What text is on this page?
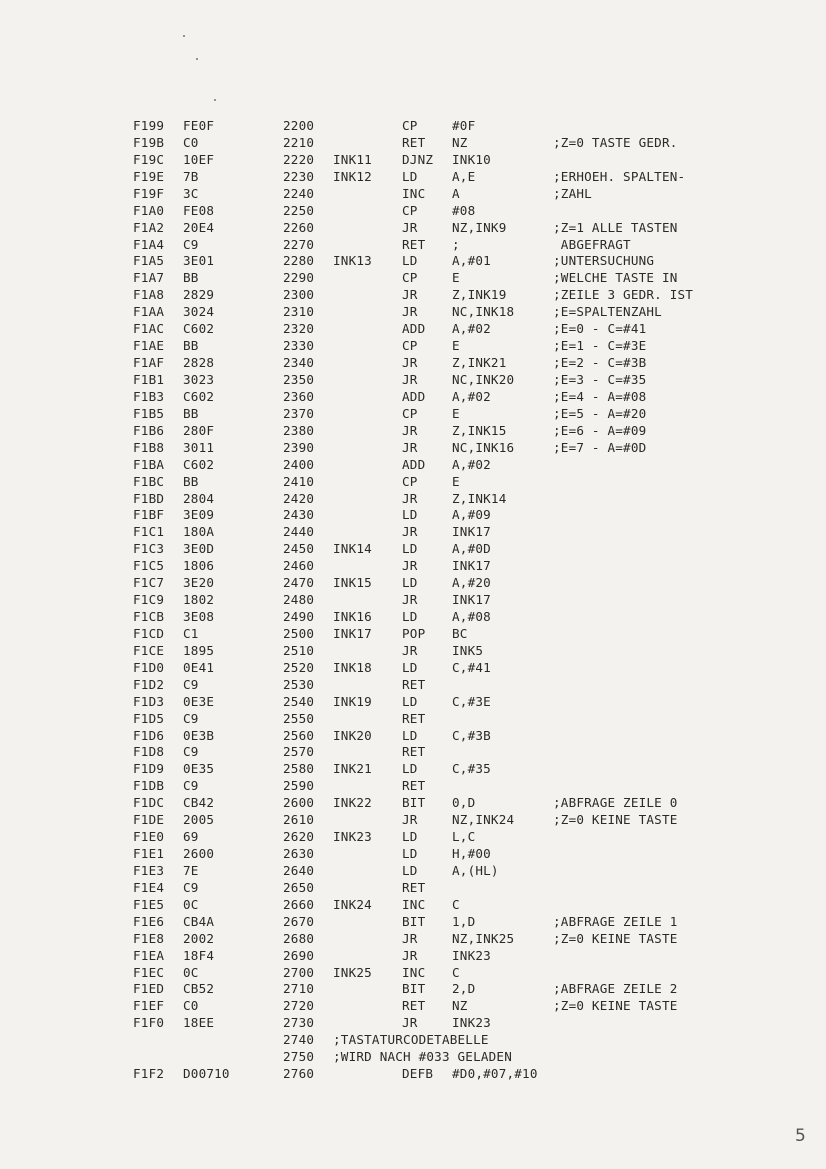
F199 FE0F	2200	CP	#0F
F19B C0	2210	RET NZ	;Z=0 TASTE GEDR.
F19C 10EF	2220 INK11 DJNZ INK10
F19E 7B	2230 INK12 LD	A,E	;ERHOEH. SPALTEN-
F19F 3C	2240	INC A	;ZAHL
F1A0 FE08	2250	CP	#08
F1A2 20E4	2260	JR	NZ,INK9	;Z=1 ALLE TASTEN
F1A4 C9	2270	RET ;	ABGEFRAGT
F1A5 3E01	2280 INK13 LD	A,#01	;UNTERSUCHUNG
F1A7 BB	2290	CP	E	;WELCHE TASTE IN
F1A8 2829	2300	JR	Z,INK19	;ZEILE 3 GEDR. IST
F1AA 3024	2310	JR	NC,INK18	;E=SPALTENZAHL
F1AC C602	2320	ADD A,#02	;E=0 - C=#41
F1AE BB	2330	CP	E	;E=1 - C=#3E
F1AF 2828	2340	JR	Z,INK21	;E=2 - C=#3B
F1B1 3023	2350	JR	NC,INK20	;E=3 - C=#35
F1B3 C602	2360	ADD A,#02	;E=4 - A=#08
F1B5 BB	2370	CP	E	;E=5 - A=#20
F1B6 280F	2380	JR	Z,INK15	;E=6 - A=#09
F1B8 3011	2390	JR	NC,INK16	;E=7 - A=#0D
F1BA C602	2400	ADD A,#02
F1BC BB	2410	CP	E
F1BD 2804	2420	JR	Z,INK14
F1BF 3E09	2430	LD	A,#09
F1C1 180A	2440	JR	INK17
F1C3 3E0D	2450 INK14 LD	A,#0D
F1C5 1806	2460	JR	INK17
F1C7 3E20	2470 INK15 LD	A,#20
F1C9 1802	2480	JR	INK17
F1CB 3E08	2490 INK16 LD	A,#08
F1CD C1	2500 INK17 POP BC
F1CE 1895	2510	JR	INK5
F1D0 0E41	2520 INK18 LD	C,#41
F1D2 C9	2530	RET
F1D3 0E3E	2540 INK19 LD	C,#3E
F1D5 C9	2550	RET
F1D6 0E3B	2560 INK20 LD	C,#3B
F1D8 C9	2570	RET
F1D9 0E35	2580 INK21 LD	C,#35
F1DB C9	2590	RET
F1DC CB42	2600 INK22 BIT 0,D	;ABFRAGE ZEILE 0
F1DE 2005	2610	JR	NZ,INK24	;Z=0 KEINE TASTE
F1E0 69	2620 INK23 LD	L,C
F1E1 2600	2630	LD	H,#00
F1E3 7E	2640	LD	A,(HL)
F1E4 C9	2650	RET
F1E5 0C	2660 INK24 INC C
F1E6 CB4A	2670	BIT 1,D	;ABFRAGE ZEILE 1
F1E8 2002	2680	JR	NZ,INK25	;Z=0 KEINE TASTE
F1EA 18F4	2690	JR	INK23
F1EC 0C	2700 INK25 INC C
F1ED CB52	2710	BIT 2,D	;ABFRAGE ZEILE 2
F1EF C0	2720	RET NZ	;Z=0 KEINE TASTE
F1F0 18EE	2730	JR	INK23
2740 ;TASTATURCODETABELLE
2750 ;WIRD NACH #033 GELADEN
F1F2 D00710	2760	DEFB #D0,#07,#10
5
